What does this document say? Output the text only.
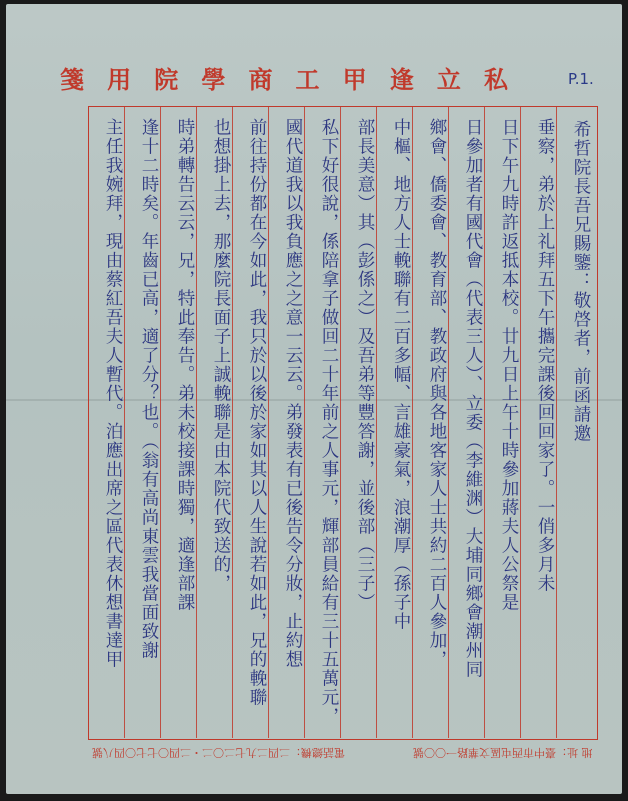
箋 用 院 學 商 工 甲 逢 立 私	P.1.
希哲院長吾兄賜鑒：敬啓者，前函請邀
垂察，弟於上礼拜五下午攜完課後回回家了。一俏多月未
日下午九時許返抵本校。廿九日上午十時參加蔣夫人公祭是
日參加者有國代會（代表三人）、立委（李維渊）大埔同鄉會潮州同
鄉會、僑委會、教育部、教政府與各地客家人士共約二百人參加，
中樞、地方人士輓聯有二百多幅、言雄豪氣，浪潮厚（孫子中
部長美意）其（彭係之）及吾弟等豐答謝，並後部（三子）
私下好很說，係陪拿子做回二十年前之人事元，輝部員給有三十五萬元，
國代道我以我負應之之意一云云。弟發表有已後告令分妝，止約想
前往持份都在今如此，我只於以後於家如其以人生說若如此，兄的輓聯
也想掛上去，那麼院長面子上誠輓聯是由本院代致送的，
時弟轉告云云，兄，特此奉告。弟未校接課時獨，適逢部課
逢十二時矣。年齒已高，適了分？也。（翁有高尚東雲我當面致謝
主任我婉拜，現由蔡紅吾夫人暫代。泊應出席之區代表休想書達甲
電話總機：二四二九七二〇二・二四〇七七〇四八號	地 址：臺中市西屯區文華路一〇〇號
